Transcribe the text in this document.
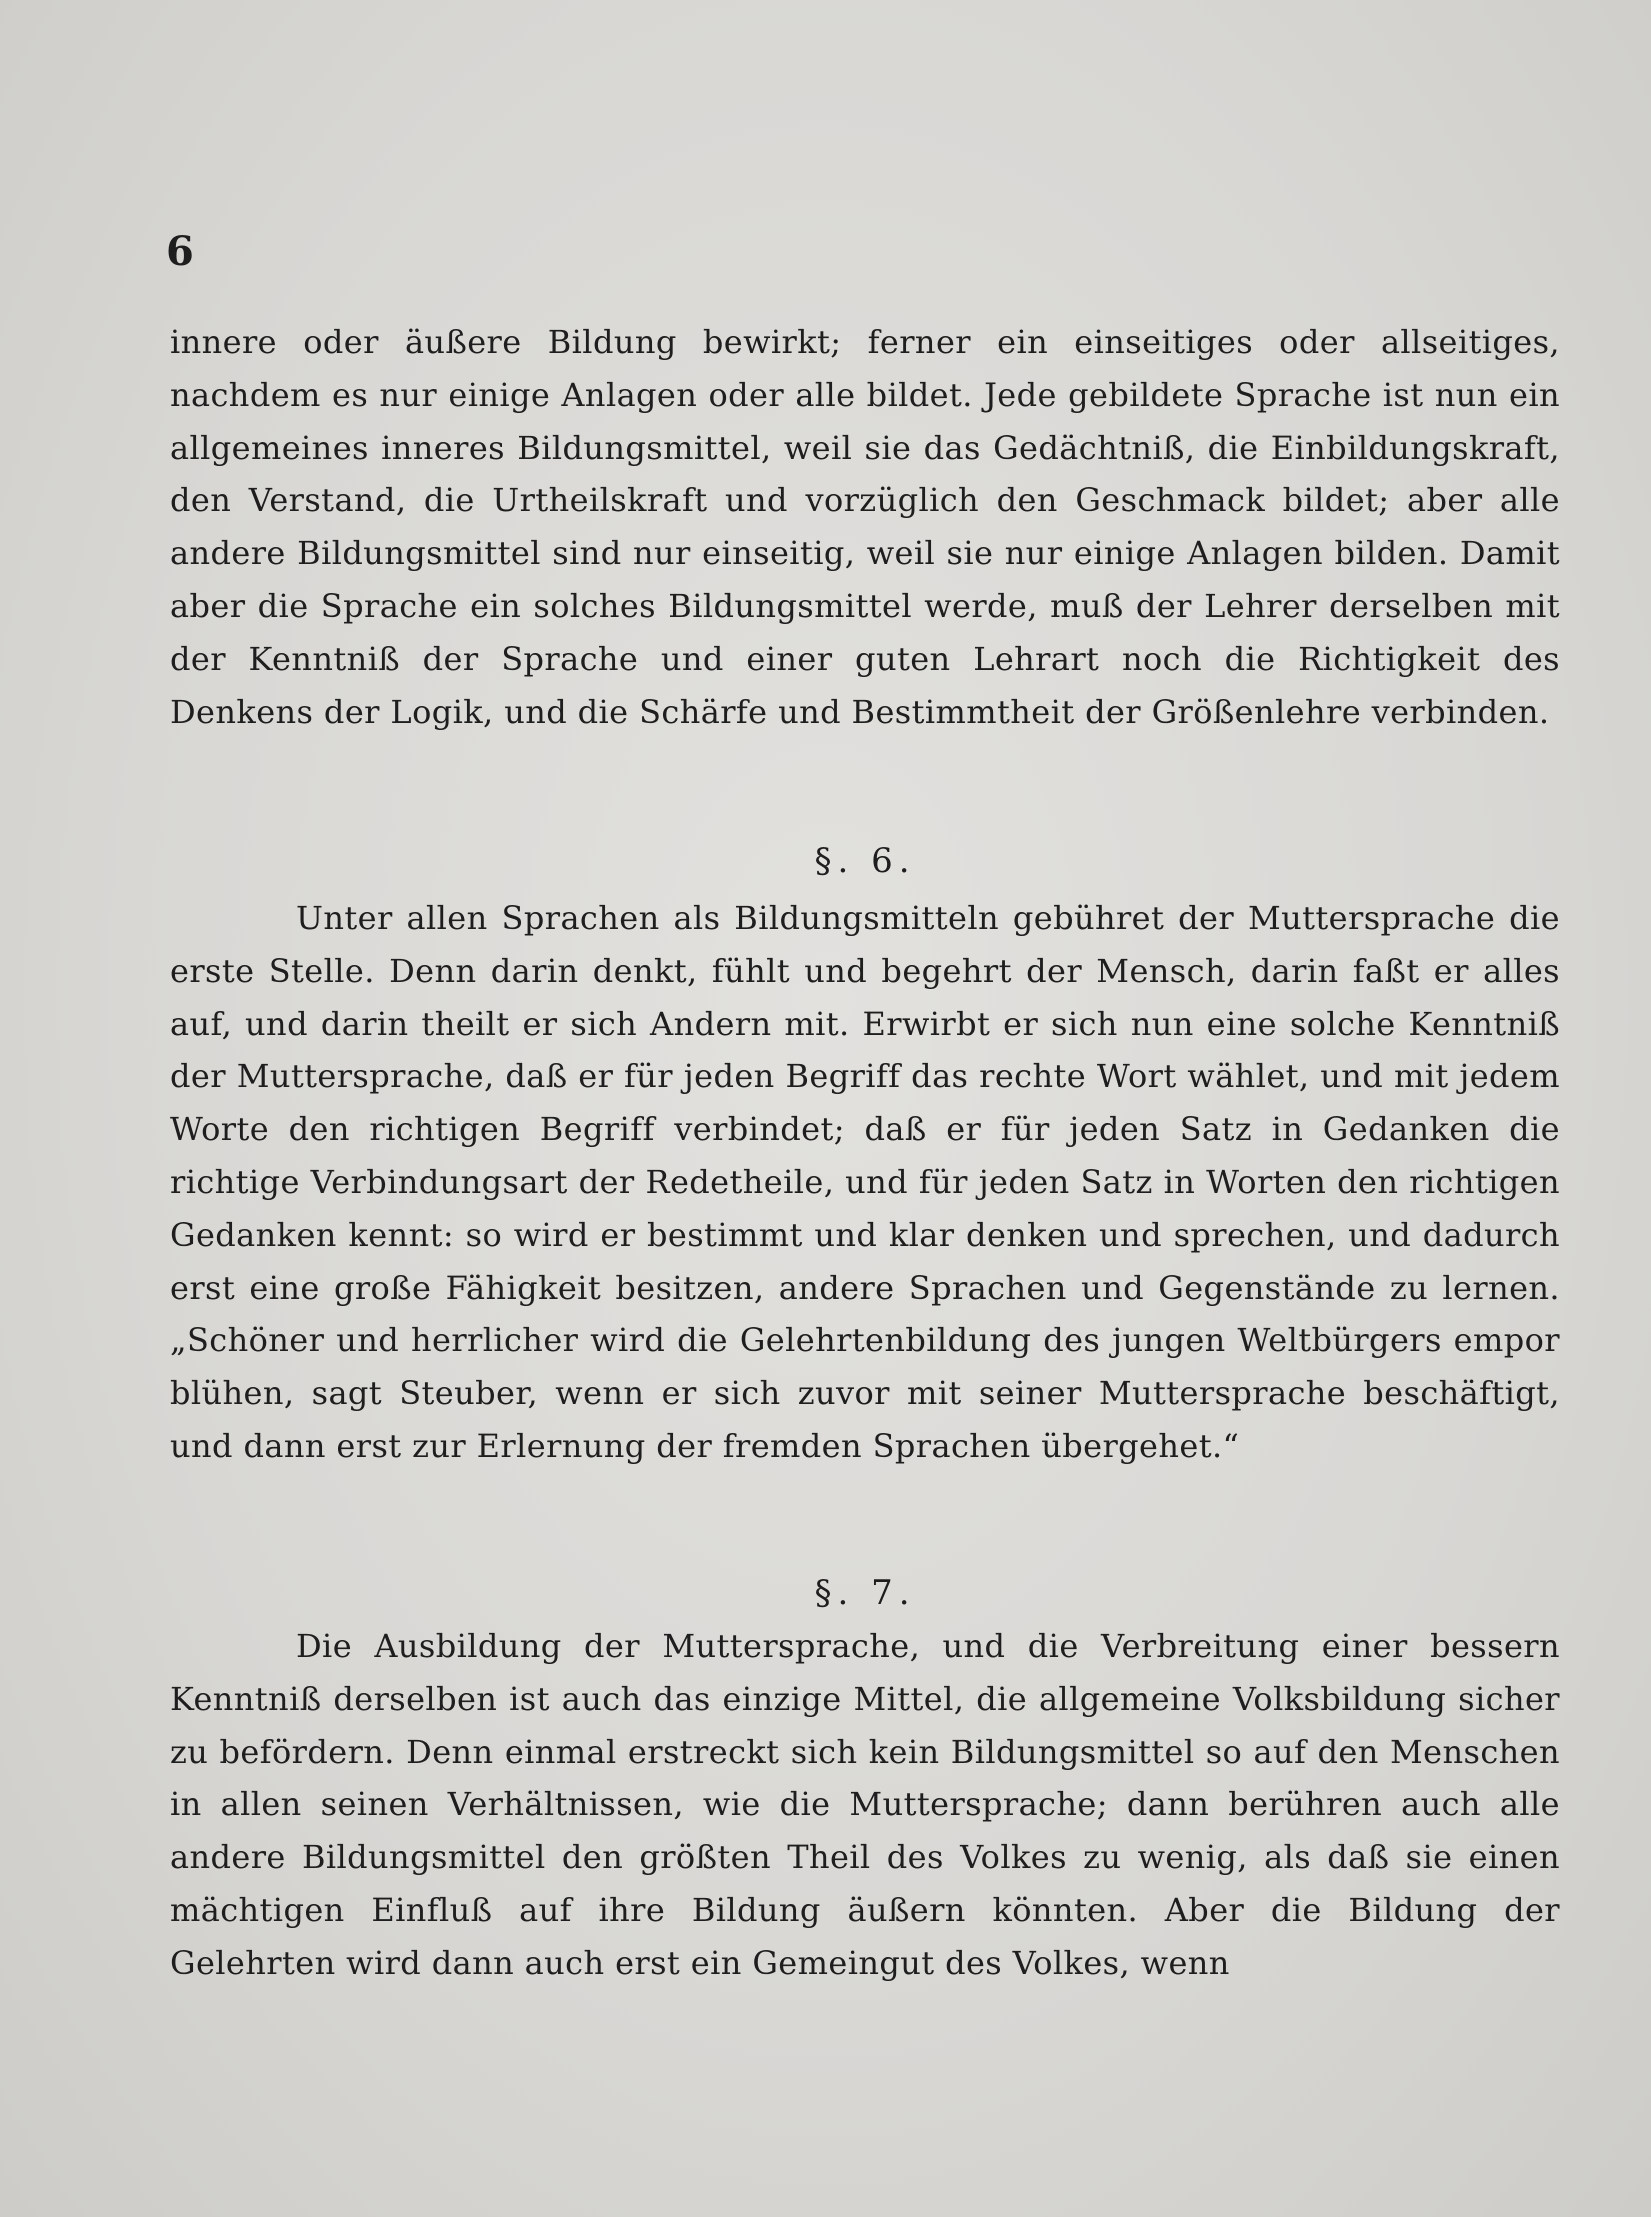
6

innere oder äußere Bildung bewirkt; ferner ein einseitiges oder allseitiges, nachdem es nur einige Anlagen oder alle bildet. Jede gebildete Sprache ist nun ein allgemeines inneres Bildungsmittel, weil sie das Gedächtniß, die Einbildungskraft, den Verstand, die Urtheilskraft und vorzüglich den Geschmack bildet; aber alle andere Bildungsmittel sind nur einseitig, weil sie nur einige Anlagen bilden. Damit aber die Sprache ein solches Bildungsmittel werde, muß der Lehrer derselben mit der Kenntniß der Sprache und einer guten Lehrart noch die Richtigkeit des Denkens der Logik, und die Schärfe und Bestimmtheit der Größenlehre verbinden.

§. 6.

Unter allen Sprachen als Bildungsmitteln gebühret der Muttersprache die erste Stelle. Denn darin denkt, fühlt und begehrt der Mensch, darin faßt er alles auf, und darin theilt er sich Andern mit. Erwirbt er sich nun eine solche Kenntniß der Muttersprache, daß er für jeden Begriff das rechte Wort wählet, und mit jedem Worte den richtigen Begriff verbindet; daß er für jeden Satz in Gedanken die richtige Verbindungsart der Redetheile, und für jeden Satz in Worten den richtigen Gedanken kennt: so wird er bestimmt und klar denken und sprechen, und dadurch erst eine große Fähigkeit besitzen, andere Sprachen und Gegenstände zu lernen. „Schöner und herrlicher wird die Gelehrtenbildung des jungen Weltbürgers empor blühen, sagt Steuber, wenn er sich zuvor mit seiner Muttersprache beschäftigt, und dann erst zur Erlernung der fremden Sprachen übergehet.“

§. 7.

Die Ausbildung der Muttersprache, und die Verbreitung einer bessern Kenntniß derselben ist auch das einzige Mittel, die allgemeine Volksbildung sicher zu befördern. Denn einmal erstreckt sich kein Bildungsmittel so auf den Menschen in allen seinen Verhältnissen, wie die Muttersprache; dann berühren auch alle andere Bildungsmittel den größten Theil des Volkes zu wenig, als daß sie einen mächtigen Einfluß auf ihre Bildung äußern könnten. Aber die Bildung der Gelehrten wird dann auch erst ein Gemeingut des Volkes, wenn
